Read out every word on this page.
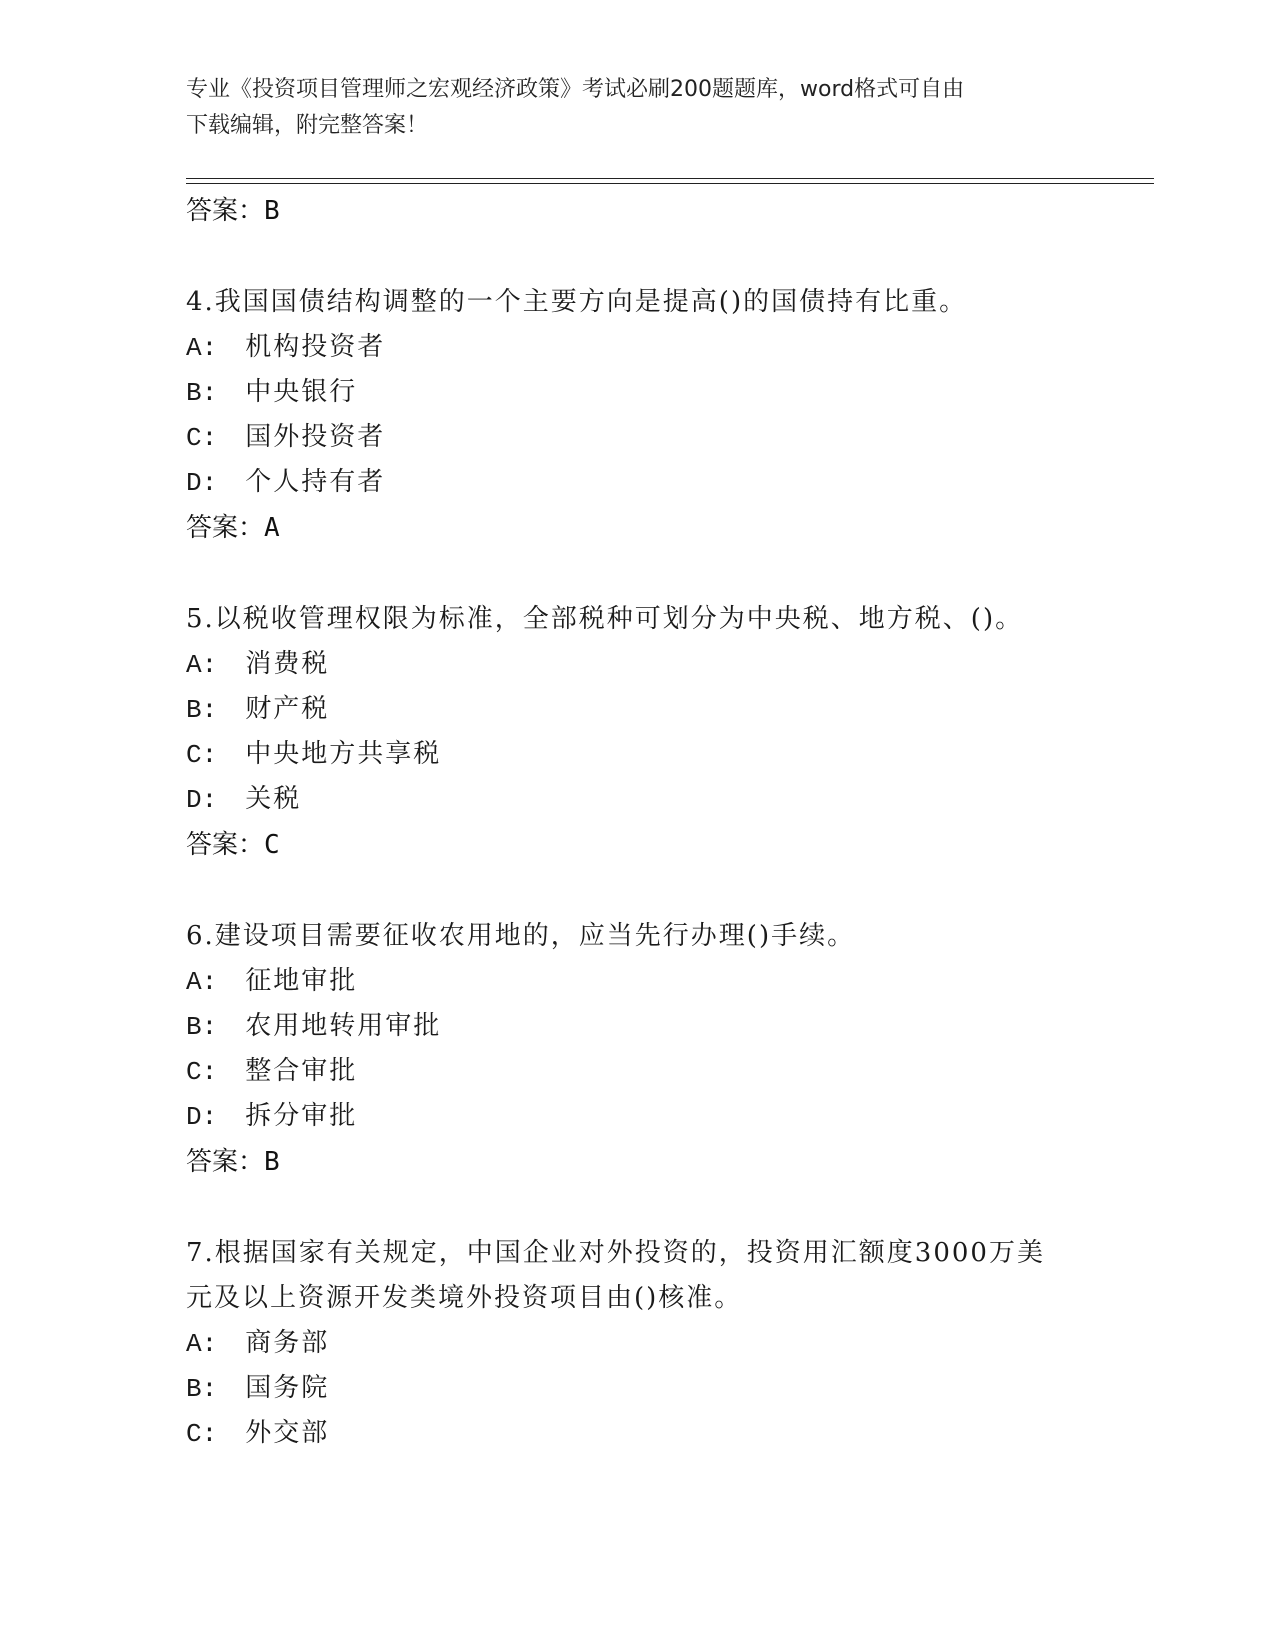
专业《投资项目管理师之宏观经济政策》考试必刷200题题库，word格式可自由
下载编辑，附完整答案！
答案：B
4.我国国债结构调整的一个主要方向是提高()的国债持有比重。
A: 机构投资者
B: 中央银行
C: 国外投资者
D: 个人持有者
答案：A
5.以税收管理权限为标准，全部税种可划分为中央税、地方税、()。
A: 消费税
B: 财产税
C: 中央地方共享税
D: 关税
答案：C
6.建设项目需要征收农用地的，应当先行办理()手续。
A: 征地审批
B: 农用地转用审批
C: 整合审批
D: 拆分审批
答案：B
7.根据国家有关规定，中国企业对外投资的，投资用汇额度3000万美
元及以上资源开发类境外投资项目由()核准。
A: 商务部
B: 国务院
C: 外交部
